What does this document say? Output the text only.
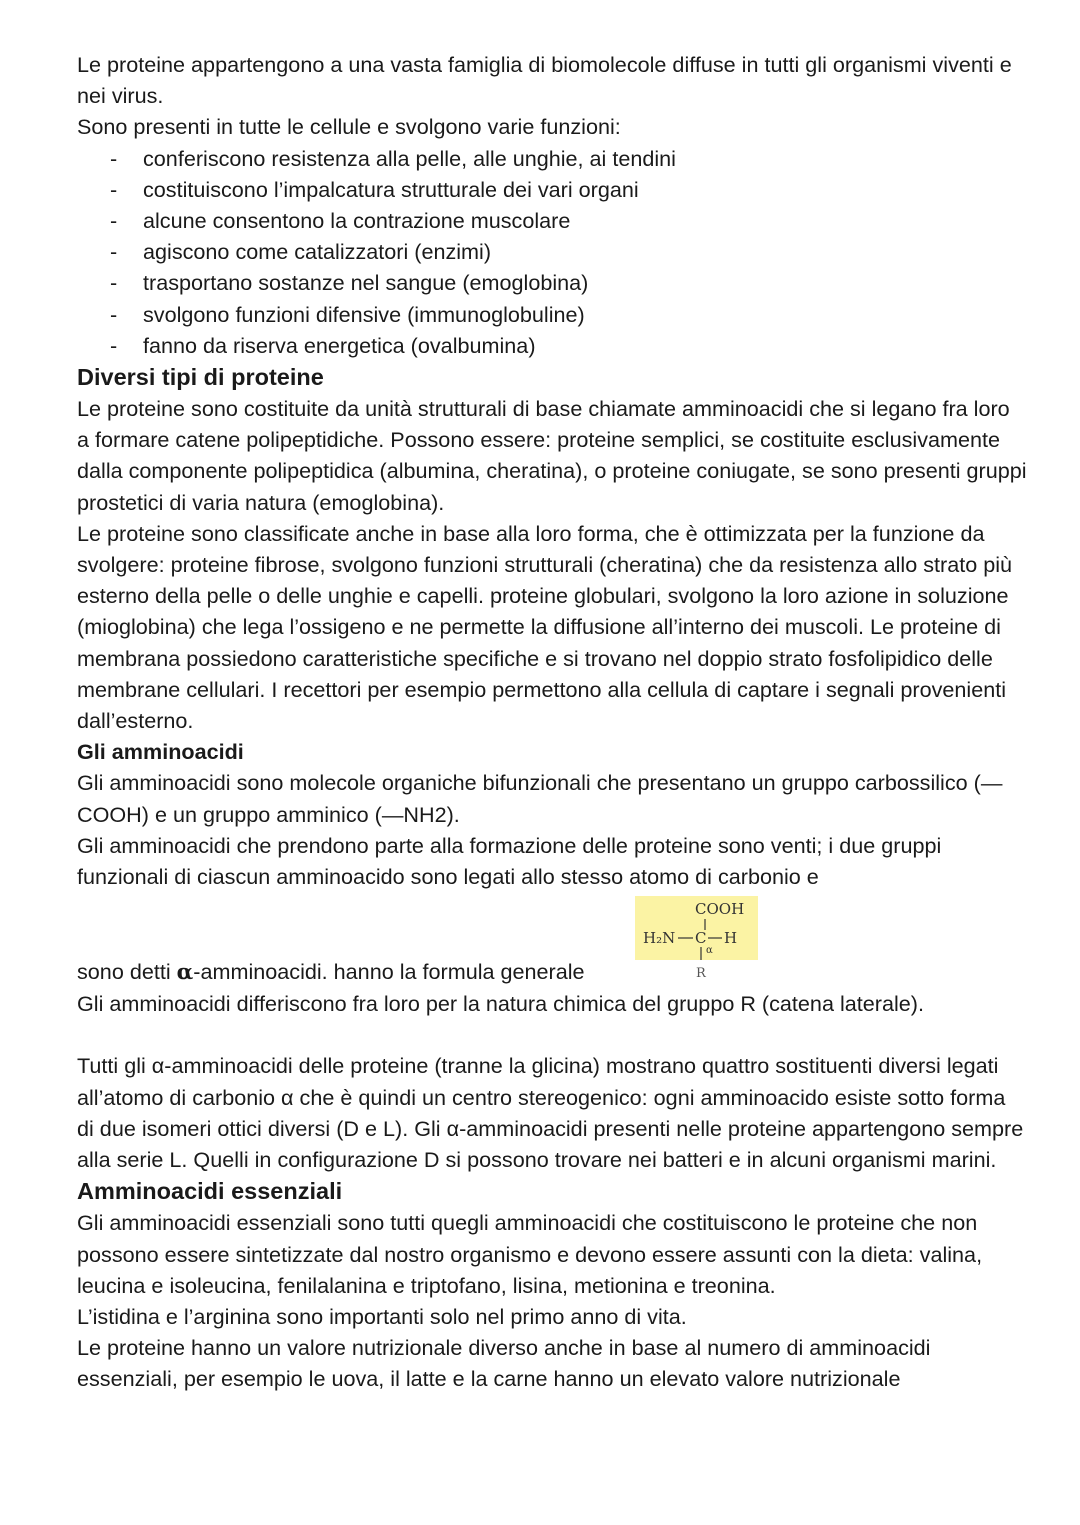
Le proteine appartengono a una vasta famiglia di biomolecole diffuse in tutti gli organismi viventi e nei virus.

Sono presenti in tutte le cellule e svolgono varie funzioni:

- conferiscono resistenza alla pelle, alle unghie, ai tendini
- costituiscono l’impalcatura strutturale dei vari organi
- alcune consentono la contrazione muscolare
- agiscono come catalizzatori (enzimi)
- trasportano sostanze nel sangue (emoglobina)
- svolgono funzioni difensive (immunoglobuline)
- fanno da riserva energetica (ovalbumina)
Diversi tipi di proteine

Le proteine sono costituite da unità strutturali di base chiamate amminoacidi che si legano fra loro a formare catene polipeptidiche. Possono essere: proteine semplici, se costituite esclusivamente dalla componente polipeptidica (albumina, cheratina), o proteine coniugate, se sono presenti gruppi prostetici di varia natura (emoglobina).

Le proteine sono classificate anche in base alla loro forma, che è ottimizzata per la funzione da svolgere: proteine fibrose, svolgono funzioni strutturali (cheratina) che da resistenza allo strato più esterno della pelle o delle unghie e capelli. proteine globulari, svolgono la loro azione in soluzione (mioglobina) che lega l’ossigeno e ne permette la diffusione all’interno dei muscoli. Le proteine di membrana possiedono caratteristiche specifiche e si trovano nel doppio strato fosfolipidico delle membrane cellulari. I recettori per esempio permettono alla cellula di captare i segnali provenienti dall’esterno.

Gli amminoacidi

Gli amminoacidi sono molecole organiche bifunzionali che presentano un gruppo carbossilico (—COOH) e un gruppo amminico (—NH2).

Gli amminoacidi che prendono parte alla formazione delle proteine sono venti; i due gruppi funzionali di ciascun amminoacido sono legati allo stesso atomo di carbonio e

sono detti α-amminoacidi. hanno la formula generale
COOH
H₂N C
α
H
R

Gli amminoacidi differiscono fra loro per la natura chimica del gruppo R (catena laterale).

Tutti gli α-amminoacidi delle proteine (tranne la glicina) mostrano quattro sostituenti diversi legati all’atomo di carbonio α che è quindi un centro stereogenico: ogni amminoacido esiste sotto forma di due isomeri ottici diversi (D e L). Gli α-amminoacidi presenti nelle proteine appartengono sempre alla serie L. Quelli in configurazione D si possono trovare nei batteri e in alcuni organismi marini.

Amminoacidi essenziali

Gli amminoacidi essenziali sono tutti quegli amminoacidi che costituiscono le proteine che non possono essere sintetizzate dal nostro organismo e devono essere assunti con la dieta: valina, leucina e isoleucina, fenilalanina e triptofano, lisina, metionina e treonina.

L’istidina e l’arginina sono importanti solo nel primo anno di vita.

Le proteine hanno un valore nutrizionale diverso anche in base al numero di amminoacidi essenziali, per esempio le uova, il latte e la carne hanno un elevato valore nutrizionale
